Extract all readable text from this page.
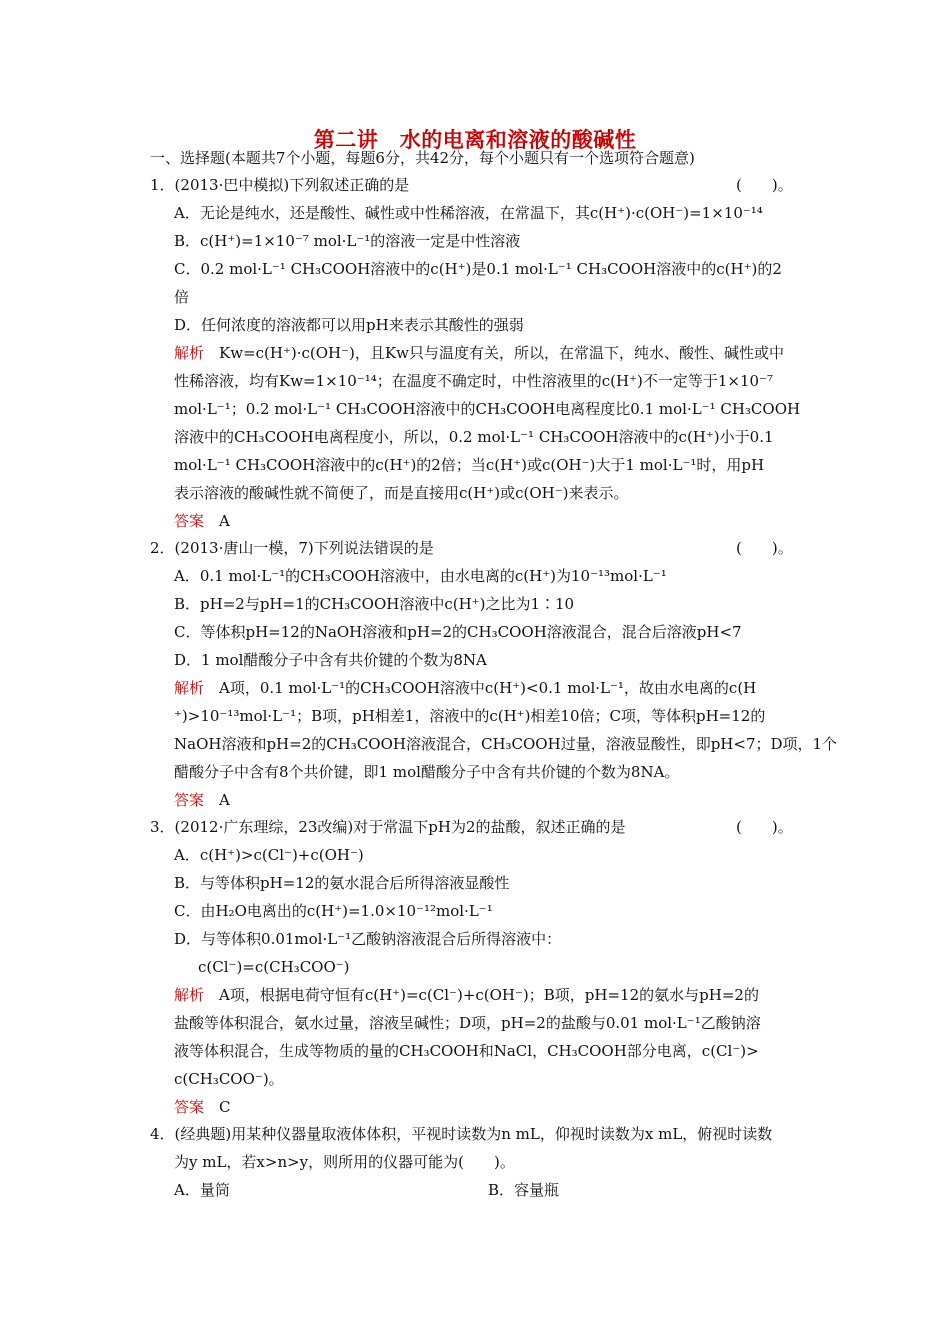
第二讲　水的电离和溶液的酸碱性
一、选择题(本题共7个小题，每题6分，共42分，每个小题只有一个选项符合题意)
1．(2013·巴中模拟)下列叙述正确的是	(　　)。
A．无论是纯水，还是酸性、碱性或中性稀溶液，在常温下，其c(H⁺)·c(OH⁻)=1×10⁻¹⁴
B．c(H⁺)=1×10⁻⁷ mol·L⁻¹的溶液一定是中性溶液
C．0.2 mol·L⁻¹ CH₃COOH溶液中的c(H⁺)是0.1 mol·L⁻¹ CH₃COOH溶液中的c(H⁺)的2
倍
D．任何浓度的溶液都可以用pH来表示其酸性的强弱
解析　Kw=c(H⁺)·c(OH⁻)，且Kw只与温度有关，所以，在常温下，纯水、酸性、碱性或中
性稀溶液，均有Kw=1×10⁻¹⁴；在温度不确定时，中性溶液里的c(H⁺)不一定等于1×10⁻⁷
mol·L⁻¹；0.2 mol·L⁻¹ CH₃COOH溶液中的CH₃COOH电离程度比0.1 mol·L⁻¹ CH₃COOH
溶液中的CH₃COOH电离程度小，所以，0.2 mol·L⁻¹ CH₃COOH溶液中的c(H⁺)小于0.1
mol·L⁻¹ CH₃COOH溶液中的c(H⁺)的2倍；当c(H⁺)或c(OH⁻)大于1 mol·L⁻¹时，用pH
表示溶液的酸碱性就不简便了，而是直接用c(H⁺)或c(OH⁻)来表示。
答案　A
2．(2013·唐山一模，7)下列说法错误的是	(　　)。
A．0.1 mol·L⁻¹的CH₃COOH溶液中，由水电离的c(H⁺)为10⁻¹³mol·L⁻¹
B．pH=2与pH=1的CH₃COOH溶液中c(H⁺)之比为1∶10
C．等体积pH=12的NaOH溶液和pH=2的CH₃COOH溶液混合，混合后溶液pH<7
D．1 mol醋酸分子中含有共价键的个数为8NA
解析　A项，0.1 mol·L⁻¹的CH₃COOH溶液中c(H⁺)<0.1 mol·L⁻¹，故由水电离的c(H
⁺)>10⁻¹³mol·L⁻¹；B项，pH相差1，溶液中的c(H⁺)相差10倍；C项，等体积pH=12的
NaOH溶液和pH=2的CH₃COOH溶液混合，CH₃COOH过量，溶液显酸性，即pH<7；D项，1个
醋酸分子中含有8个共价键，即1 mol醋酸分子中含有共价键的个数为8NA。
答案　A
3．(2012·广东理综，23改编)对于常温下pH为2的盐酸，叙述正确的是	(　　)。
A．c(H⁺)>c(Cl⁻)+c(OH⁻)
B．与等体积pH=12的氨水混合后所得溶液显酸性
C．由H₂O电离出的c(H⁺)=1.0×10⁻¹²mol·L⁻¹
D．与等体积0.01mol·L⁻¹乙酸钠溶液混合后所得溶液中：
c(Cl⁻)=c(CH₃COO⁻)
解析　A项，根据电荷守恒有c(H⁺)=c(Cl⁻)+c(OH⁻)；B项，pH=12的氨水与pH=2的
盐酸等体积混合，氨水过量，溶液呈碱性；D项，pH=2的盐酸与0.01 mol·L⁻¹乙酸钠溶
液等体积混合，生成等物质的量的CH₃COOH和NaCl，CH₃COOH部分电离，c(Cl⁻)>
c(CH₃COO⁻)。
答案　C
4．(经典题)用某种仪器量取液体体积，平视时读数为n mL，仰视时读数为x mL，俯视时读数
为y mL，若x>n>y，则所用的仪器可能为(　　)。
A．量筒	B．容量瓶
